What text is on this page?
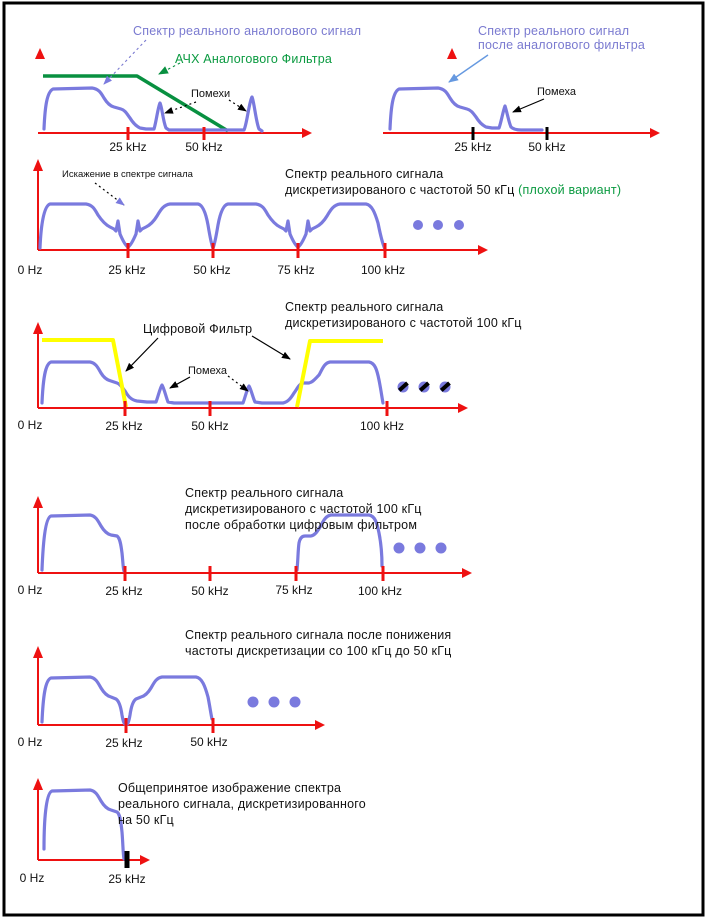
25 kHz	50 kHz
Спектр реального аналогового сигнал
АЧХ Аналогового Фильтра
Помехи
25 kHz	50 kHz
Спектр реального сигнал
после аналогового фильтра
Помеха
0 Hz	25 kHz	50 kHz	75 kHz	100 kHz
Спектр реального сигнала
дискретизированого с частотой 50 кГц (плохой вариант)
Искажение в спектре сигнала
0 Hz	25 kHz	50 kHz	100 kHz
Спектр реального сигнала
дискретизированого с частотой 100 кГц
Цифровой Фильтр
Помеха
0 Hz	25 kHz	50 kHz	75 kHz	100 kHz
Спектр реального сигнала
дискретизированого с частотой 100 кГц
после обработки цифровым фильтром
0 Hz	25 kHz	50 kHz
Спектр реального сигнала после понижения
частоты дискретизации со 100 кГц до 50 кГц
0 Hz	25 kHz
Общепринятое изображение спектра
реального сигнала, дискретизированного
на 50 кГц
